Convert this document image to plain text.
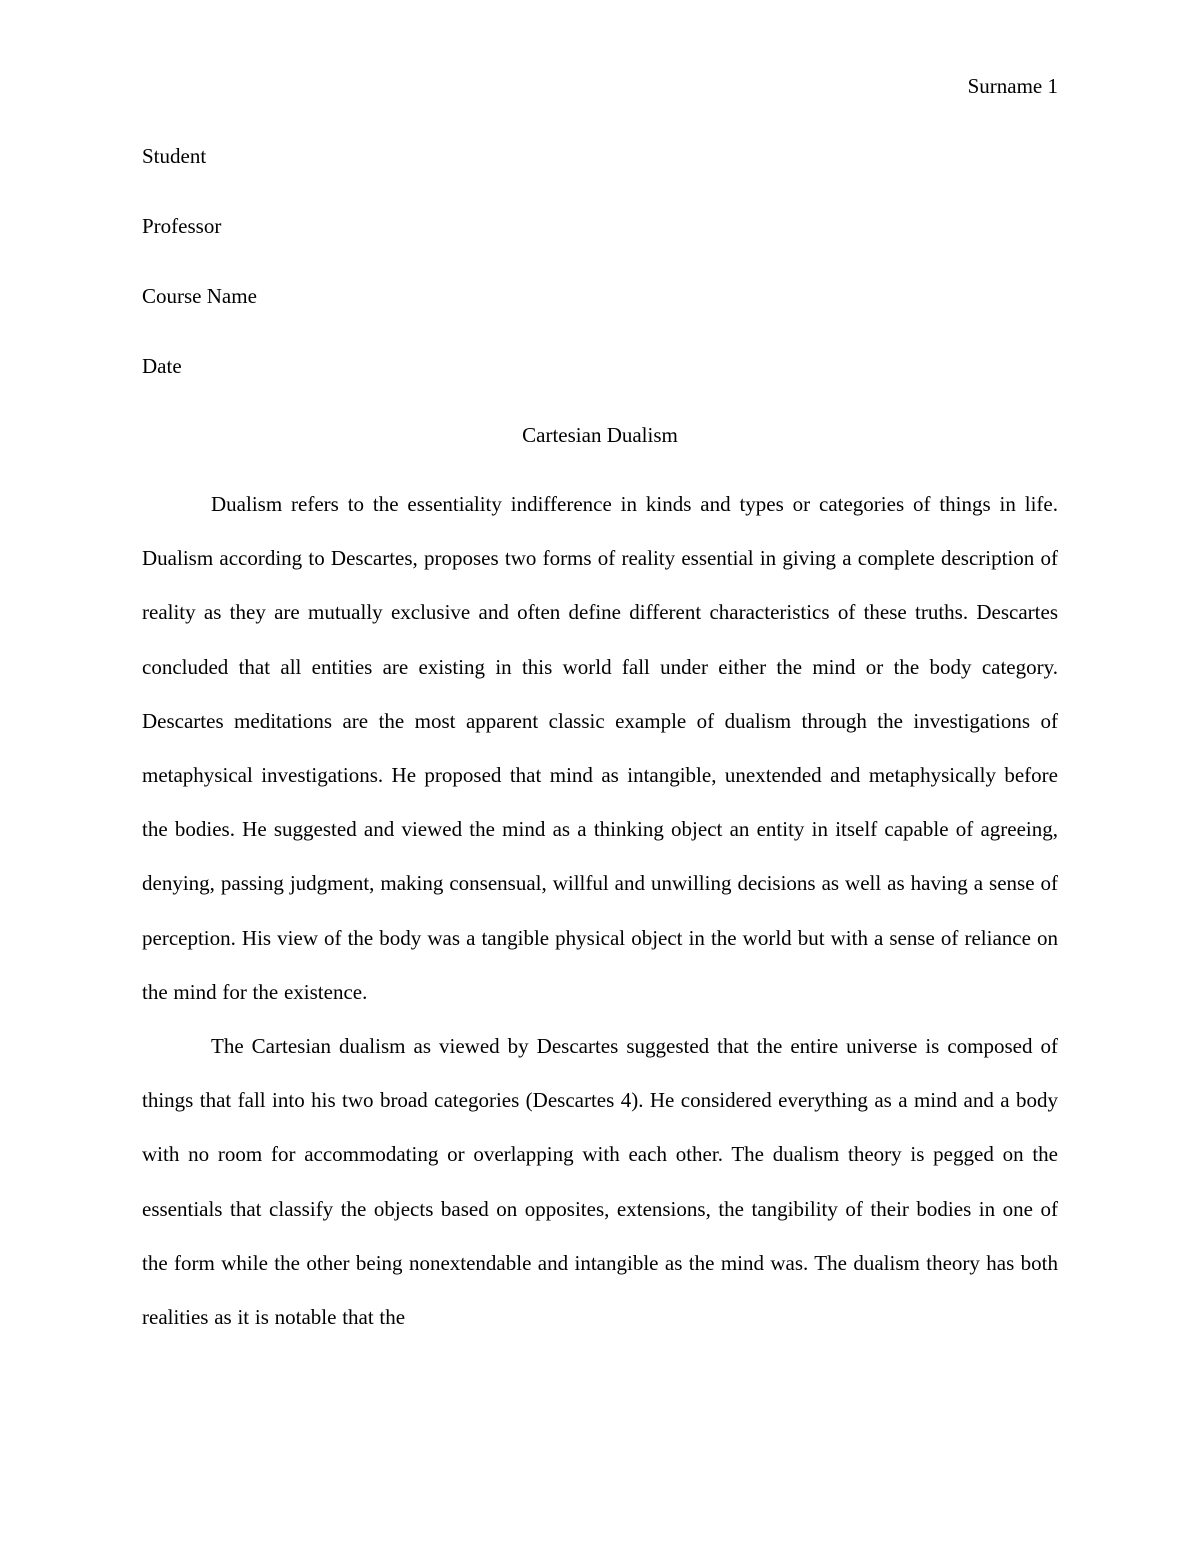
Surname 1
Student
Professor
Course Name
Date
Cartesian Dualism

Dualism refers to the essentiality indifference in kinds and types or categories of things in life. Dualism according to Descartes, proposes two forms of reality essential in giving a complete description of reality as they are mutually exclusive and often define different characteristics of these truths. Descartes concluded that all entities are existing in this world fall under either the mind or the body category. Descartes meditations are the most apparent classic example of dualism through the investigations of metaphysical investigations. He proposed that mind as intangible, unextended and metaphysically before the bodies. He suggested and viewed the mind as a thinking object an entity in itself capable of agreeing, denying, passing judgment, making consensual, willful and unwilling decisions as well as having a sense of perception. His view of the body was a tangible physical object in the world but with a sense of reliance on the mind for the existence.

The Cartesian dualism as viewed by Descartes suggested that the entire universe is composed of things that fall into his two broad categories (Descartes 4). He considered everything as a mind and a body with no room for accommodating or overlapping with each other. The dualism theory is pegged on the essentials that classify the objects based on opposites, extensions, the tangibility of their bodies in one of the form while the other being nonextendable and intangible as the mind was. The dualism theory has both realities as it is notable that the
